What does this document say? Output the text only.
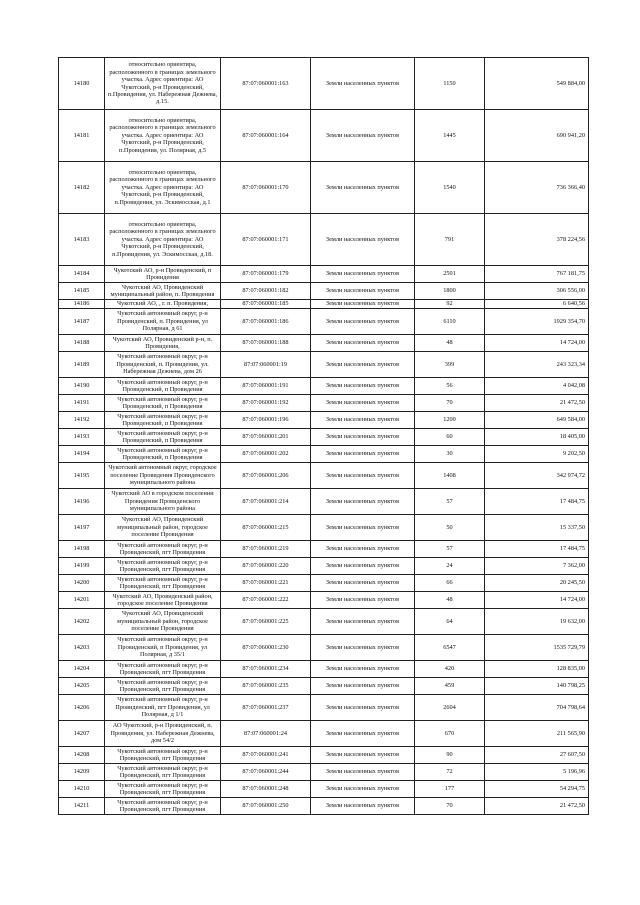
14180	относительно ориентира, расположенного в границах земельного участка. Адрес ориентира: АО Чукотский, р-н Провиденский, п.Провидения, ул. Набережная Дежнева, д.15.	87:07:060001:163	Земли населенных пунктов	1150	549 884,00
14181	относительно ориентира, расположенного в границах земельного участка. Адрес ориентира: АО Чукотский, р-н Провиденский, п.Провидения, ул. Полярная, д.5	87:07:060001:164	Земли населенных пунктов	1445	690 941,20
14182	относительно ориентира, расположенного в границах земельного участка. Адрес ориентира: АО Чукотский, р-н Провиденский, п.Провидения, ул. Эскимосская, д.1	87:07:060001:170	Земли населенных пунктов	1540	736 366,40
14183	относительно ориентира, расположенного в границах земельного участка. Адрес ориентира: АО Чукотский, р-н Провиденский, п.Провидения, ул. Эскимосская, д.18.	87:07:060001:171	Земли населенных пунктов	791	378 224,56
14184	Чукотский АО, р-н Провиденский, п Провидения	87:07:060001:179	Земли населенных пунктов	2501	767 181,75
14185	Чукотский АО, Провиденский муниципальный район, п. Провидения	87:07:060001:182	Земли населенных пунктов	1800	306 556,00
14186	Чукотский АО, , г. п. Провидения,	87:07:060001:185	Земли населенных пунктов	92	6 640,56
14187	Чукотский автономный округ, р-н Провиденский, п. Провидения, ул Полярная, д 61	87:07:060001:186	Земли населенных пунктов	6110	1929 354,70
14188	Чукотский АО, Провиденский р-н, п. Провидения,	87:07:060001:188	Земли населенных пунктов	48	14 724,00
14189	Чукотский автономный округ, р-н Провиденский, п. Провидения, ул. Набережная Дежнева, дом 26	87:07:060001:19	Земли населенных пунктов	399	243 323,34
14190	Чукотский автономный округ, р-н Провиденский, п Провидения	87:07:060001:191	Земли населенных пунктов	56	4 042,08
14191	Чукотский автономный округ, р-н Провиденский, п Провидения	87:07:060001:192	Земли населенных пунктов	70	21 472,50
14192	Чукотский автономный округ, р-н Провиденский, п Провидения	87:07:060001:196	Земли населенных пунктов	1200	649 584,00
14193	Чукотский автономный округ, р-н Провиденский, п Провидения	87:07:060001:201	Земли населенных пунктов	60	18 405,00
14194	Чукотский автономный округ, р-н Провиденский, п Провидения	87:07:060001:202	Земли населенных пунктов	30	9 202,50
14195	Чукотский автономный округ, городское поселение Провидения Провиденского муниципального района	87:07:060001:206	Земли населенных пунктов	1408	342 974,72
14196	Чукотский АО в городском поселении Провидения Провиденского муниципального района	87:07:060001:214	Земли населенных пунктов	57	17 484,75
14197	Чукотский АО, Провиденский муниципальный район, городское поселение Провидения	87:07:060001:215	Земли населенных пунктов	50	15 337,50
14198	Чукотский автономный округ, р-н Провиденский, пгт Провидения	87:07:060001:219	Земли населенных пунктов	57	17 484,75
14199	Чукотский автономный округ, р-н Провиденский, пгт Провидения	87:07:060001:220	Земли населенных пунктов	24	7 362,00
14200	Чукотский автономный округ, р-н Провиденский, пгт Провидения	87:07:060001:221	Земли населенных пунктов	66	20 245,50
14201	Чукотский АО, Провиденский район, городское поселение Провидения	87:07:060001:222	Земли населенных пунктов	48	14 724,00
14202	Чукотский АО, Провиденский муниципальный район, городское поселение Провидения	87:07:060001:225	Земли населенных пунктов	64	19 632,00
14203	Чукотский автономный округ, р-н Провиденский, п Провидения, ул Полярная, д 35/1	87:07:060001:230	Земли населенных пунктов	6547	1535 729,79
14204	Чукотский автономный округ, р-н Провиденский, пгт Провидения	87:07:060001:234	Земли населенных пунктов	420	128 835,00
14205	Чукотский автономный округ, р-н Провиденский, пгт Провидения	87:07:060001:235	Земли населенных пунктов	459	140 798,25
14206	Чукотский автономный округ, р-н Провиденский, пгт Провидения, ул Полярная, д 1/1	87:07:060001:237	Земли населенных пунктов	2604	704 798,64
14207	АО Чукотский, р-н Провиденский, п. Провидения, ул. Набережная Дежнева, дом 54/2	87:07:060001:24	Земли населенных пунктов	670	211 565,90
14208	Чукотский автономный округ, р-н Провиденский, пгт Провидения	87:07:060001:241	Земли населенных пунктов	90	27 607,50
14209	Чукотский автономный округ, р-н Провиденский, пгт Провидения	87:07:060001:244	Земли населенных пунктов	72	5 196,96
14210	Чукотский автономный округ, р-н Провиденский, пгт Провидения	87:07:060001:248	Земли населенных пунктов	177	54 294,75
14211	Чукотский автономный округ, р-н Провиденский, пгт Провидения	87:07:060001:250	Земли населенных пунктов	70	21 472,50
